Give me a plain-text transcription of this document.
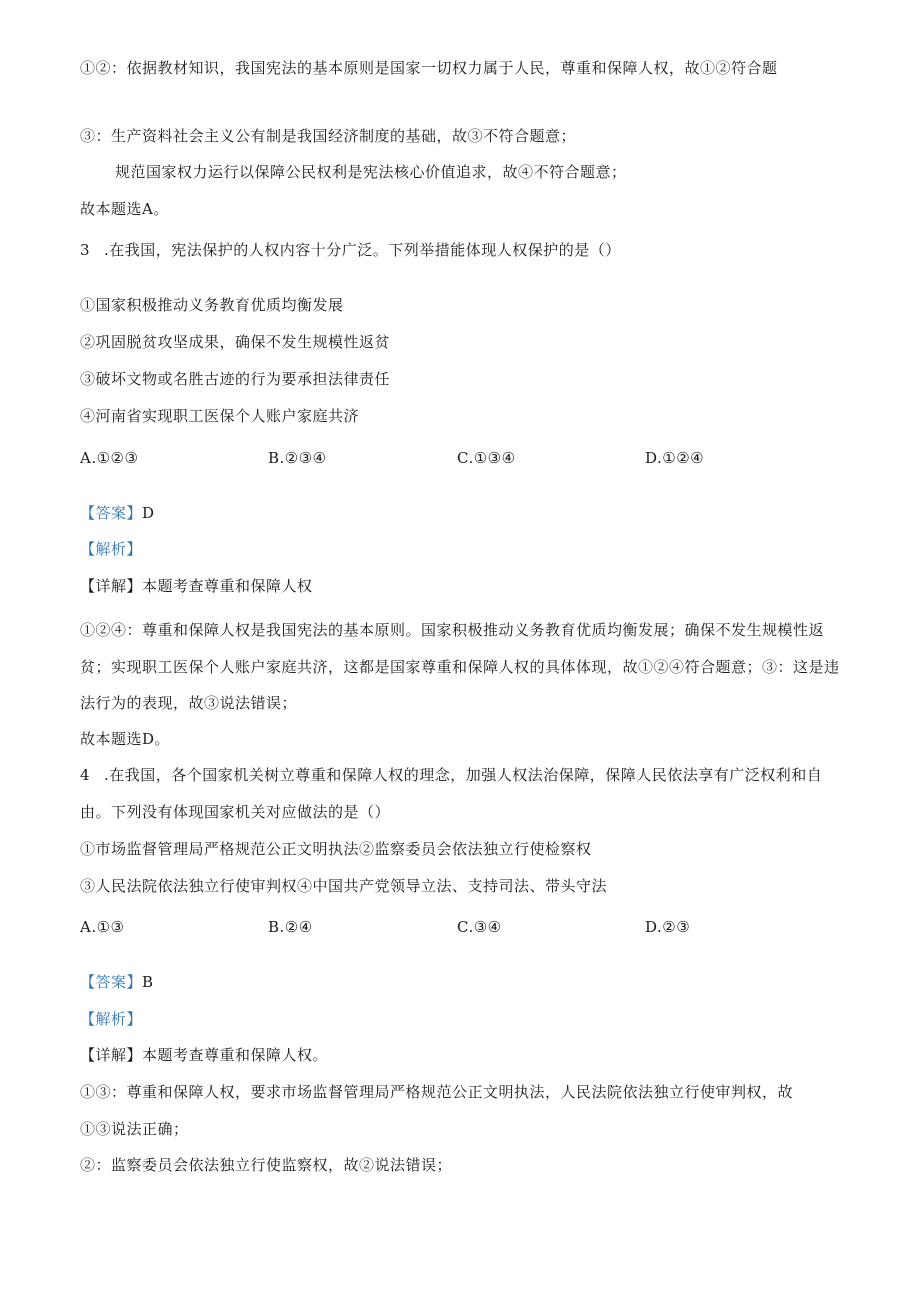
①②：依据教材知识，我国宪法的基本原则是国家一切权力属于人民，尊重和保障人权，故①②符合题
③：生产资料社会主义公有制是我国经济制度的基础，故③不符合题意；
规范国家权力运行以保障公民权利是宪法核心价值追求，故④不符合题意；
故本题选A。
3 .在我国，宪法保护的人权内容十分广泛。下列举措能体现人权保护的是（）
①国家积极推动义务教育优质均衡发展
②巩固脱贫攻坚成果，确保不发生规模性返贫
③破坏文物或名胜古迹的行为要承担法律责任
④河南省实现职工医保个人账户家庭共济
A.①②③	B.②③④	C.①③④	D.①②④
【答案】D
【解析】
【详解】本题考查尊重和保障人权
①②④：尊重和保障人权是我国宪法的基本原则。国家积极推动义务教育优质均衡发展；确保不发生规模性返
贫；实现职工医保个人账户家庭共济，这都是国家尊重和保障人权的具体体现，故①②④符合题意；③：这是违
法行为的表现，故③说法错误；
故本题选D。
4 .在我国，各个国家机关树立尊重和保障人权的理念，加强人权法治保障，保障人民依法享有广泛权利和自
由。下列没有体现国家机关对应做法的是（）
①市场监督管理局严格规范公正文明执法②监察委员会依法独立行使检察权
③人民法院依法独立行使审判权④中国共产党领导立法、支持司法、带头守法
A.①③	B.②④	C.③④	D.②③
【答案】B
【解析】
【详解】本题考查尊重和保障人权。
①③：尊重和保障人权，要求市场监督管理局严格规范公正文明执法，人民法院依法独立行使审判权，故
①③说法正确；
②：监察委员会依法独立行使监察权，故②说法错误；
